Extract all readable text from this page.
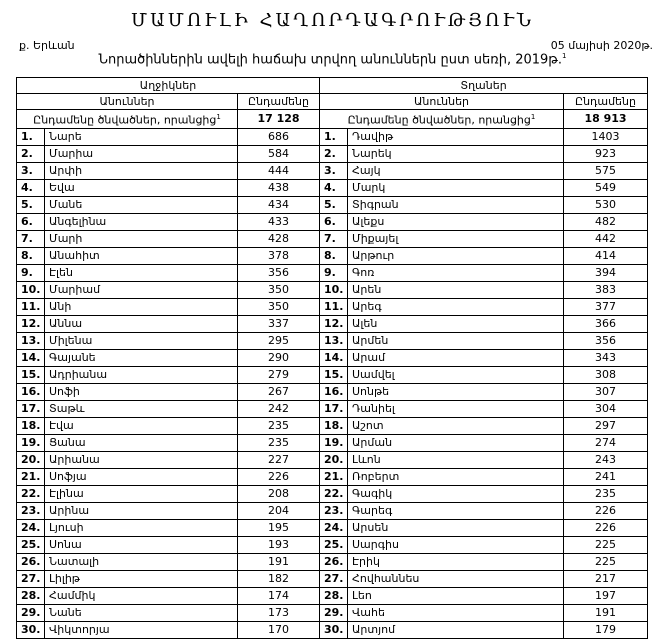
ՄԱՄՈՒԼԻ ՀԱՂՈՐԴԱԳՐՈՒԹՅՈՒՆ
ք. Երևան	05 մայիսի 2020թ.
Նորածիններին ավելի հաճախ տրվող անուններն ըստ սեռի, 2019թ.$^1$
Աղջիկներ			Տղաներ		
Անուններ		Ընդամենը	Անուններ		Ընդամենը
Ընդամենը ծնվածներ, որանցից$^1$		17 128	Ընդամենը ծնվածներ, որանցից$^1$		18 913
1.	Նարե	686	1.	Դավիթ	1403
2.	Մարիա	584	2.	Նարեկ	923
3.	Արփի	444	3.	Հայկ	575
4.	Եվա	438	4.	Մարկ	549
5.	Մանե	434	5.	Տիգրան	530
6.	Անգելինա	433	6.	Ալեքս	482
7.	Մարի	428	7.	Միքայել	442
8.	Անահիտ	378	8.	Արթուր	414
9.	Էլեն	356	9.	Գոռ	394
10.	Մարիամ	350	10.	Արեն	383
11.	Անի	350	11.	Արեգ	377
12.	Աննա	337	12.	Ալեն	366
13.	Միլենա	295	13.	Արմեն	356
14.	Գայանե	290	14.	Արամ	343
15.	Ադրիանա	279	15.	Սամվել	308
16.	Սոֆի	267	16.	Սոնթե	307
17.	Տաթև	242	17.	Դանիել	304
18.	Էվա	235	18.	Աշոտ	297
19.	Ցանա	235	19.	Արման	274
20.	Արիանա	227	20.	Լևոն	243
21.	Սոֆյա	226	21.	Ռոբերտ	241
22.	Էլինա	208	22.	Գագիկ	235
23.	Արինա	204	23.	Գարեգ	226
24.	Լյուսի	195	24.	Արսեն	226
25.	Սոնա	193	25.	Սարգիս	225
26.	Նատալի	191	26.	Էրիկ	225
27.	Լիլիթ	182	27.	Հովհաննես	217
28.	Համմիկ	174	28.	Լեո	197
29.	Նանե	173	29.	Վահե	191
30.	Վիկտորյա	170	30.	Արտյոմ	179
